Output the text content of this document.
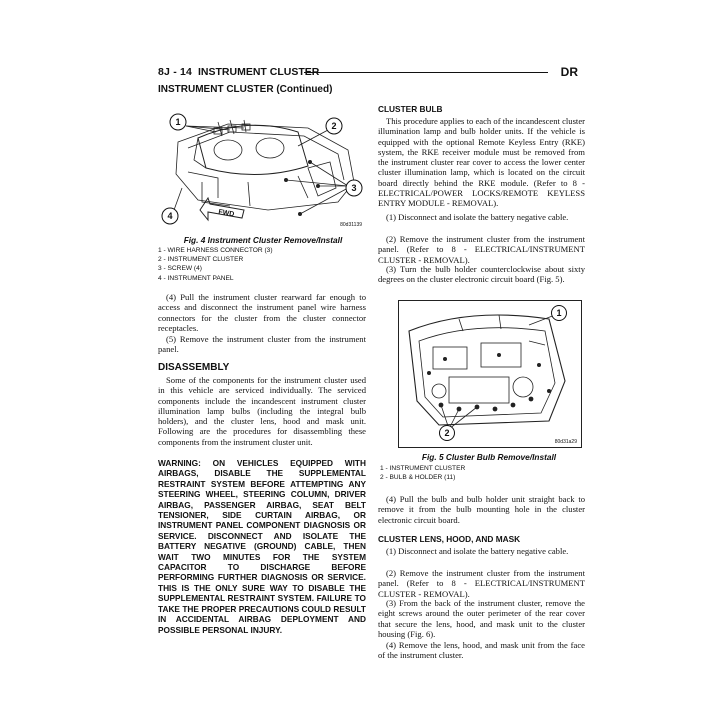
8J - 14 INSTRUMENT CLUSTER	DR
INSTRUMENT CLUSTER (Continued)
1	2
3
4	FWD
80d31139
Fig. 4 Instrument Cluster Remove/Install
1 - WIRE HARNESS CONNECTOR (3)
2 - INSTRUMENT CLUSTER
3 - SCREW (4)
4 - INSTRUMENT PANEL
(4) Pull the instrument cluster rearward far enough to access and disconnect the instrument panel wire harness connectors for the cluster from the cluster connector receptacles.
(5) Remove the instrument cluster from the instrument panel.
DISASSEMBLY
Some of the components for the instrument cluster used in this vehicle are serviced individually. The serviced components include the incandescent instrument cluster illumination lamp bulbs (including the integral bulb holders), and the cluster lens, hood and mask unit. Following are the procedures for disassembling these components from the instrument cluster unit.
WARNING: ON VEHICLES EQUIPPED WITH AIRBAGS, DISABLE THE SUPPLEMENTAL RESTRAINT SYSTEM BEFORE ATTEMPTING ANY STEERING WHEEL, STEERING COLUMN, DRIVER AIRBAG, PASSENGER AIRBAG, SEAT BELT TENSIONER, SIDE CURTAIN AIRBAG, OR INSTRUMENT PANEL COMPONENT DIAGNOSIS OR SERVICE. DISCONNECT AND ISOLATE THE BATTERY NEGATIVE (GROUND) CABLE, THEN WAIT TWO MINUTES FOR THE SYSTEM CAPACITOR TO DISCHARGE BEFORE PERFORMING FURTHER DIAGNOSIS OR SERVICE. THIS IS THE ONLY SURE WAY TO DISABLE THE SUPPLEMENTAL RESTRAINT SYSTEM. FAILURE TO TAKE THE PROPER PRECAUTIONS COULD RESULT IN ACCIDENTAL AIRBAG DEPLOYMENT AND POSSIBLE PERSONAL INJURY.
CLUSTER BULB
This procedure applies to each of the incandescent cluster illumination lamp and bulb holder units. If the vehicle is equipped with the optional Remote Keyless Entry (RKE) system, the RKE receiver module must be removed from the instrument cluster rear cover to access the lower center cluster illumination lamp, which is located on the circuit board directly behind the RKE module. (Refer to 8 - ELECTRICAL/POWER LOCKS/REMOTE KEYLESS ENTRY MODULE - REMOVAL).
(1) Disconnect and isolate the battery negative cable.
(2) Remove the instrument cluster from the instrument panel. (Refer to 8 - ELECTRICAL/INSTRUMENT CLUSTER - REMOVAL).
(3) Turn the bulb holder counterclockwise about sixty degrees on the cluster electronic circuit board (Fig. 5).
1
2
80d31a29
Fig. 5 Cluster Bulb Remove/Install
1 - INSTRUMENT CLUSTER
2 - BULB & HOLDER (11)
(4) Pull the bulb and bulb holder unit straight back to remove it from the bulb mounting hole in the cluster electronic circuit board.
CLUSTER LENS, HOOD, AND MASK
(1) Disconnect and isolate the battery negative cable.
(2) Remove the instrument cluster from the instrument panel. (Refer to 8 - ELECTRICAL/INSTRUMENT CLUSTER - REMOVAL).
(3) From the back of the instrument cluster, remove the eight screws around the outer perimeter of the rear cover that secure the lens, hood, and mask unit to the cluster housing (Fig. 6).
(4) Remove the lens, hood, and mask unit from the face of the instrument cluster.
